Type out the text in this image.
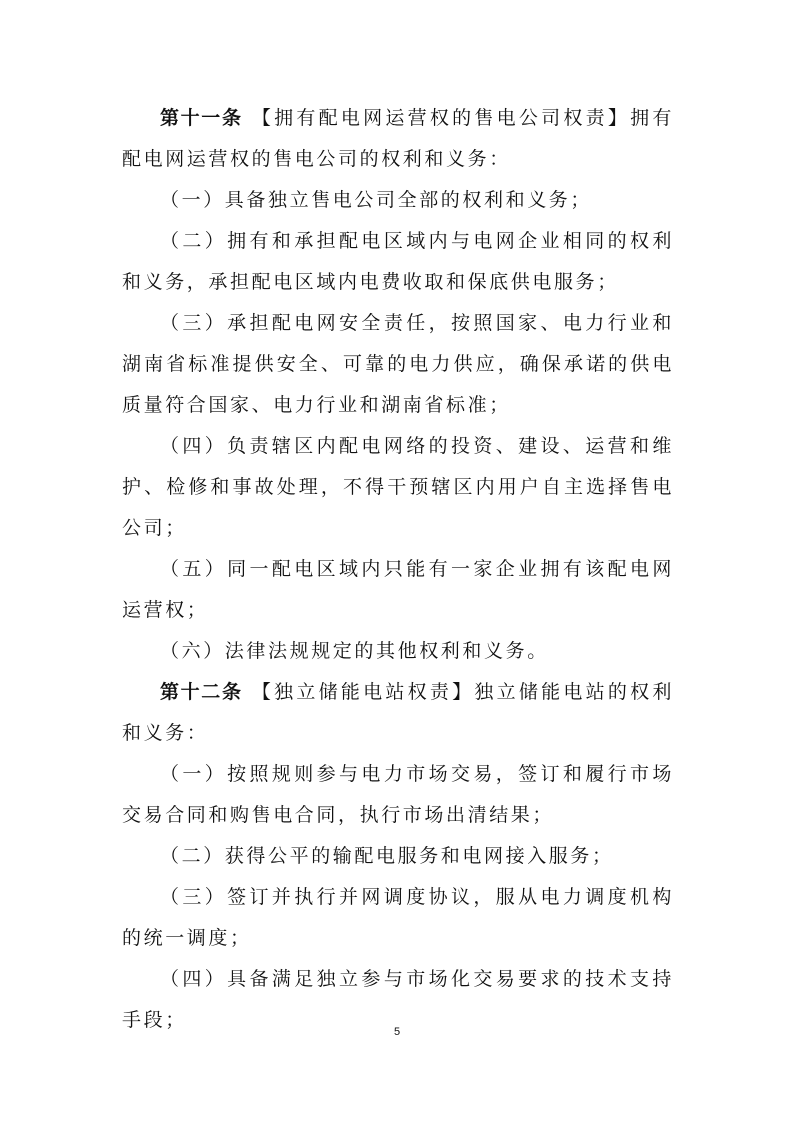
第十一条 【拥有配电网运营权的售电公司权责】拥有配电网运营权的售电公司的权利和义务：

（一）具备独立售电公司全部的权利和义务；

（二）拥有和承担配电区域内与电网企业相同的权利和义务，承担配电区域内电费收取和保底供电服务；

（三）承担配电网安全责任，按照国家、电力行业和湖南省标准提供安全、可靠的电力供应，确保承诺的供电质量符合国家、电力行业和湖南省标准；

（四）负责辖区内配电网络的投资、建设、运营和维护、检修和事故处理，不得干预辖区内用户自主选择售电公司；

（五）同一配电区域内只能有一家企业拥有该配电网运营权；

（六）法律法规规定的其他权利和义务。

第十二条 【独立储能电站权责】独立储能电站的权利和义务：

（一）按照规则参与电力市场交易，签订和履行市场交易合同和购售电合同，执行市场出清结果；

（二）获得公平的输配电服务和电网接入服务；

（三）签订并执行并网调度协议，服从电力调度机构的统一调度；

（四）具备满足独立参与市场化交易要求的技术支持手段；

5
